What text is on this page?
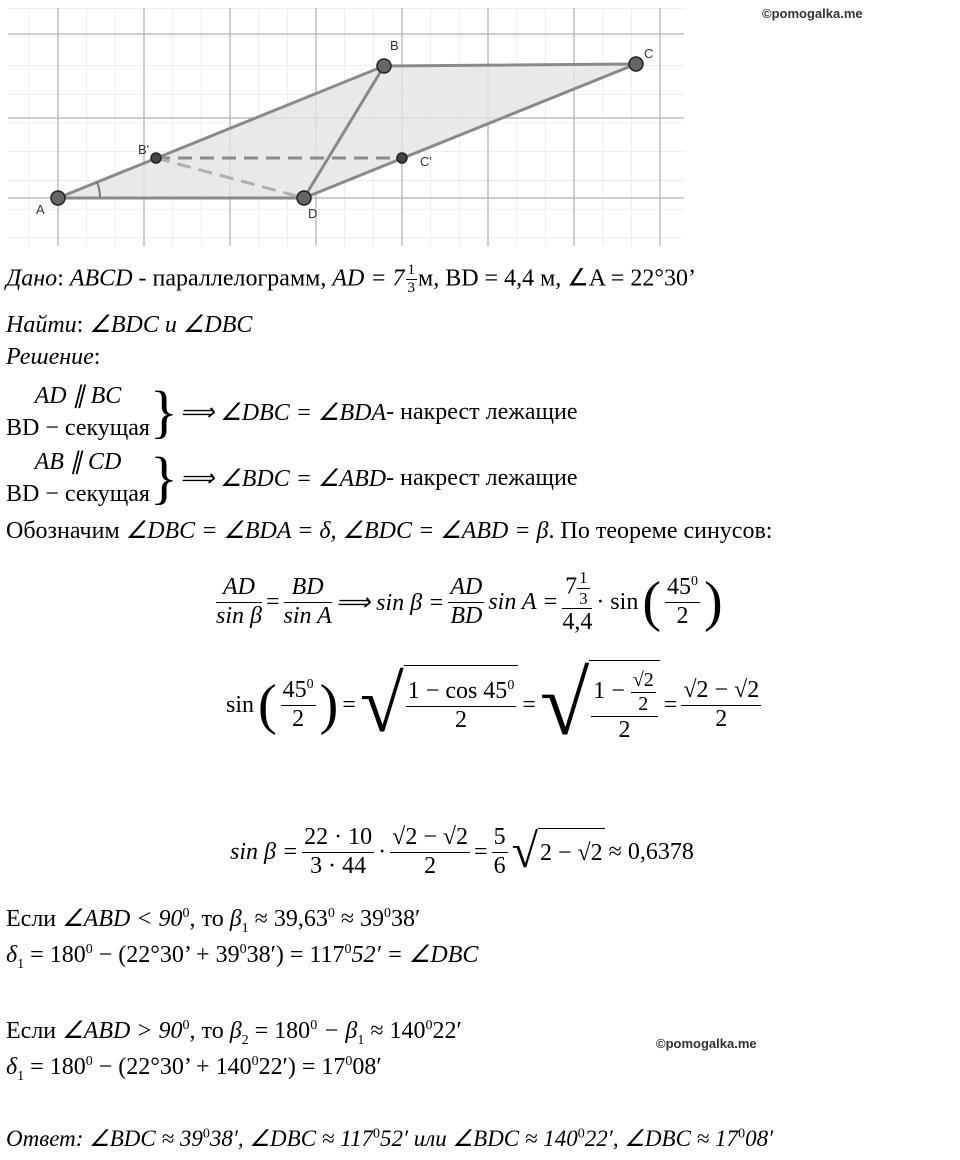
©pomogalka.me
A
B
C
D
B'
C'
Дано: ABCD - параллелограмм, AD = $7 \frac{1}{3} м$, BD = 4,4 м, ∠A = 22°30’
Найти: ∠BDC и ∠DBC
Решение:
AD ∥ BC
BD − секущая } ⟹ ∠DBC = ∠BDA - накрест лежащие
AB ∥ CD
BD − секущая } ⟹ ∠BDC = ∠ABD - накрест лежащие
Обозначим ∠DBC = ∠BDA = δ, ∠BDC = ∠ABD = β. По теореме синусов:
$\frac{AD}{\text{sin β}} = \frac{BD}{\text{sin A}}$ ⟹ $\sin \beta = \frac{AD}{BD}$ $\sin A = \frac{7 \frac{1}{3}}{4,4} \cdot \sin$ ( $\frac{45^0}{2}$ )
sin ( $\frac{45^0}{2}$ ) = √ $\frac{1 - \cos 45^0}{2}$ = √ $\frac{1 - \frac{√2}{2}}{2} = \frac{√2 - √2}{2}$
$\sin \beta = \frac{22 \cdot 10}{3 \cdot 44} \cdot \frac{√2 - √2}{2} = \frac{5}{6}$ √ 2 − √2 ≈ 0,6378
Если ∠ABD < $90^0$, то $\beta_1 \approx 39,63^0 \approx 39^038'$
$\delta_1 = 180^0 - (22^\circ 30$’ + $39^038') = 117^052'$ = ∠DBC
Если ∠ABD > $90^0$, то $\beta_2 = 180^0 - \beta_1 \approx 140^022'$	©pomogalka.me
$\delta_1 = 180^0 - (22^\circ 30$’ + $140^022') = 17^008'$
Ответ: ∠BDC ≈ $39^038'$, ∠DBC ≈ $117^052'$ или ∠BDC ≈ $140^022'$, ∠DBC ≈ $17^008'$
